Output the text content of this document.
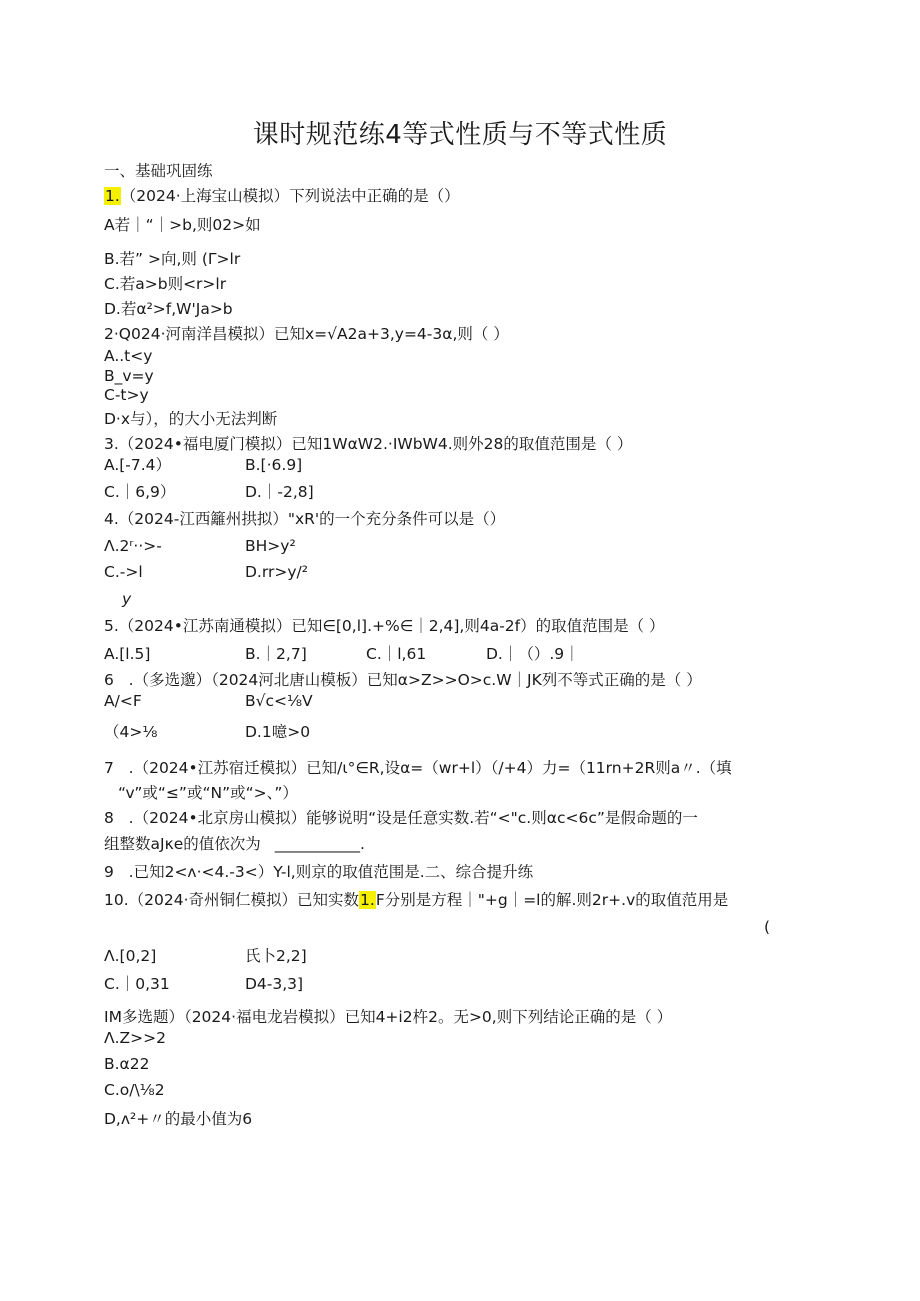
课时规范练4等式性质与不等式性质
一、基础巩固练
1.（2024·上海宝山模拟）下列说法中正确的是（）
A若｜“｜>b,则02>如
B.若” >向,则 (Γ>lr
C.若a>b则<r>lr
D.若α²>f,W'Ja>b
2·Q024·河南洋昌模拟）已知x=√A2a+3,y=4-3α,则（ ）
A..t<y
B_v=y
C-t>y
D·x与），的大小无法判断
3.（2024•福电厦门模拟）已知1WαW2.·IWbW4.则外28的取值范围是（ ）
A.[-7.4）	B.[·6.9]
C.｜6,9）	D.｜-2,8]
4.（2024-江西籬州拱拟）"xR'的一个充分条件可以是（）
Λ.2ʳ··>-	BH>y²
C.->l	D.rr>y/²
y
5.（2024•江苏南通模拟）已知∈[0,l].+%∈｜2,4],则4a-2f）的取值范围是（ ）
A.[l.5]	B.｜2,7]	C.｜l,61	D.｜（）.9｜
6 .（多选邈）（2024河北唐山模板）已知α>Z>>O>c.W｜JK列不等式正确的是（ ）
A/<F	B√c<⅛V
（4>⅛	D.1噫>0
7 .（2024•江苏宿迁模拟）已知/ι°∈R,设α=（wr+l）（/+4）力=（11rn+2R则a〃.（填
“v”或“≤”或“N”或“>、”）
8 .（2024•北京房山模拟）能够说明“设是任意实数.若“<"c.则αc<6c”是假命题的一
组整数aJκe的值依次为 ___________.
9 .已知2<ʌ·<4.-3<）Y-l,则京的取值范围是.二、综合提升练
10.（2024·奇州铜仁模拟）已知实数1.F分别是方程｜"+g｜=l的解.则2r+.v的取值范用是
(
Λ.[0,2]	氏卜2,2]
C.｜0,31	D4-3,3]
IM多选题）（2024·福电龙岩模拟）已知4+i2杵2。无>0,则下列结论正确的是（ ）
Λ.Z>>2
B.α22
C.o/\⅛2
D,ʌ²+〃的最小值为6
